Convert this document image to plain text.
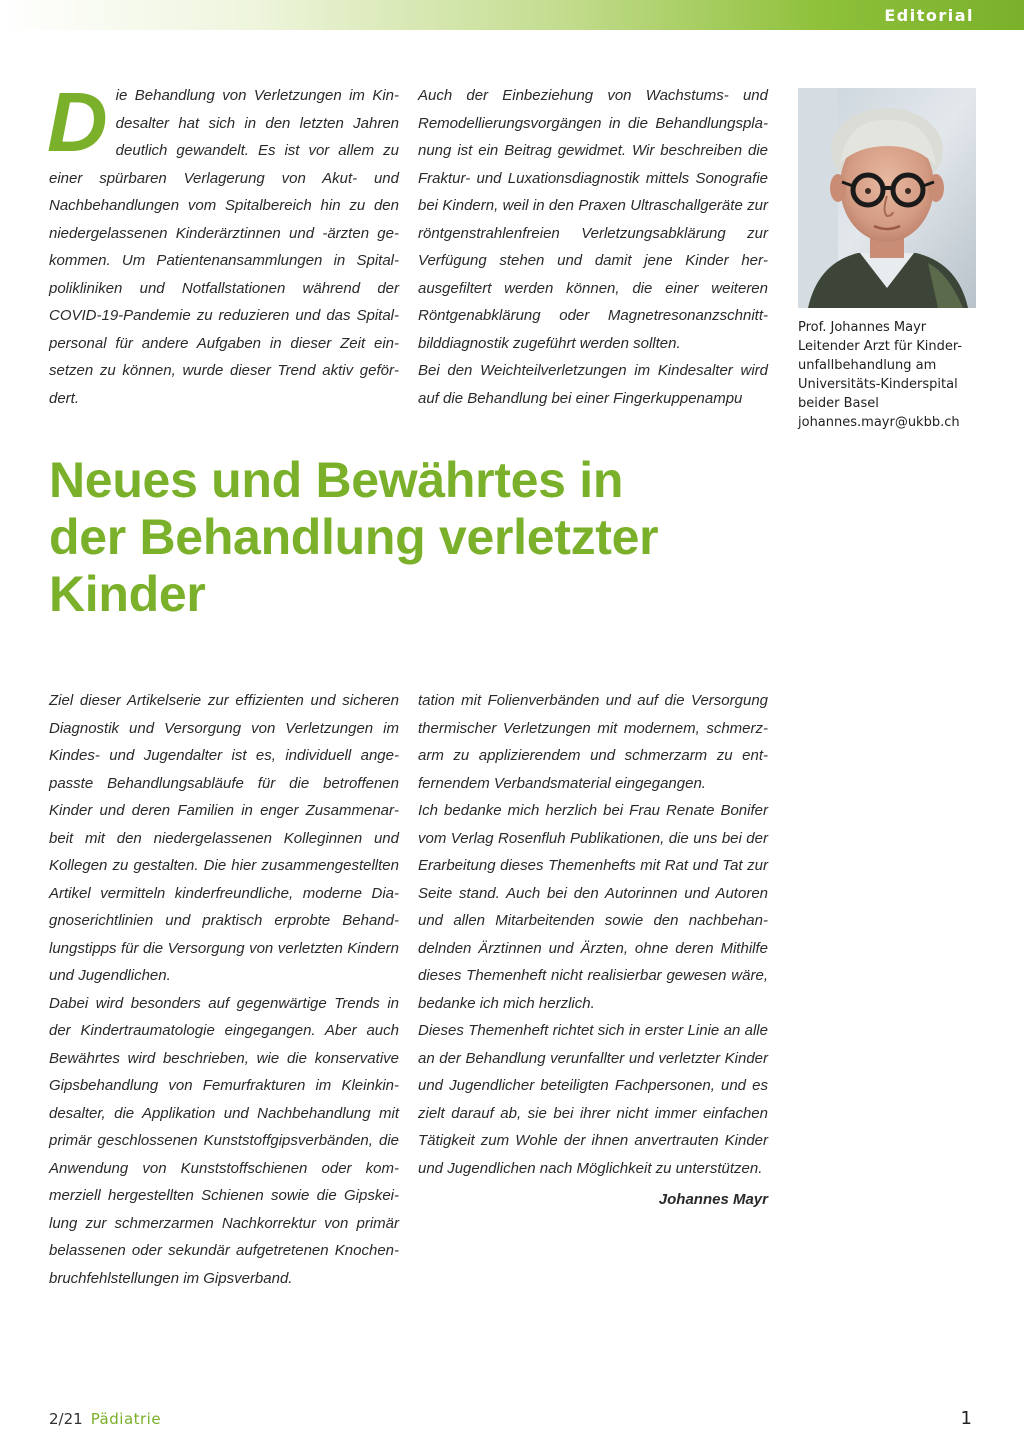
Editorial

Die Behandlung von Verletzungen im Kindesalter hat sich in den letzten Jahren deutlich gewandelt. Es ist vor allem zu einer spürbaren Verlagerung von Akut- und Nachbehandlungen vom Spitalbereich hin zu den niedergelassenen Kinderärztinnen und -ärzten gekommen. Um Patientenansammlungen in Spitalpolikliniken und Notfallstationen während der COVID-19-Pandemie zu reduzieren und das Spitalpersonal für andere Aufgaben in dieser Zeit einsetzen zu können, wurde dieser Trend aktiv gefördert.

Auch der Einbeziehung von Wachstums- und Remodellierungsvorgängen in die Behandlungsplanung ist ein Beitrag gewidmet. Wir beschreiben die Fraktur- und Luxationsdiagnostik mittels Sonografie bei Kindern, weil in den Praxen Ultraschallgeräte zur röntgenstrahlenfreien Verletzungsabklärung zur Verfügung stehen und damit jene Kinder herausgefiltert werden können, die einer weiteren Röntgenabklärung oder Magnetresonanzschnittbilddiagnostik zugeführt werden sollten.

Bei den Weichteilverletzungen im Kindesalter wird auf die Behandlung bei einer Fingerkuppenampu

Prof. Johannes Mayr
Leitender Arzt für Kinder-
unfallbehandlung am
Universitäts-Kinderspital
beider Basel
johannes.mayr@ukbb.ch
Neues und Bewährtes in
der Behandlung verletzter
Kinder

Ziel dieser Artikelserie zur effizienten und sicheren Diagnostik und Versorgung von Verletzungen im Kindes- und Jugendalter ist es, individuell angepasste Behandlungsabläufe für die betroffenen Kinder und deren Familien in enger Zusammenarbeit mit den niedergelassenen Kolleginnen und Kollegen zu gestalten. Die hier zusammengestellten Artikel vermitteln kinderfreundliche, moderne Diagnoserichtlinien und praktisch erprobte Behandlungstipps für die Versorgung von verletzten Kindern und Jugendlichen.

Dabei wird besonders auf gegenwärtige Trends in der Kindertraumatologie eingegangen. Aber auch Bewährtes wird beschrieben, wie die konservative Gipsbehandlung von Femurfrakturen im Kleinkindesalter, die Applikation und Nachbehandlung mit primär geschlossenen Kunststoffgipsverbänden, die Anwendung von Kunststoffschienen oder kommerziell hergestellten Schienen sowie die Gipskeilung zur schmerzarmen Nachkorrektur von primär belassenen oder sekundär aufgetretenen Knochenbruchfehlstellungen im Gipsverband.

tation mit Folienverbänden und auf die Versorgung thermischer Verletzungen mit modernem, schmerzarm zu applizierendem und schmerzarm zu entfernendem Verbandsmaterial eingegangen.

Ich bedanke mich herzlich bei Frau Renate Bonifer vom Verlag Rosenfluh Publikationen, die uns bei der Erarbeitung dieses Themenhefts mit Rat und Tat zur Seite stand. Auch bei den Autorinnen und Autoren und allen Mitarbeitenden sowie den nachbehandelnden Ärztinnen und Ärzten, ohne deren Mithilfe dieses Themenheft nicht realisierbar gewesen wäre, bedanke ich mich herzlich.

Dieses Themenheft richtet sich in erster Linie an alle an der Behandlung verunfallter und verletzter Kinder und Jugendlicher beteiligten Fachpersonen, und es zielt darauf ab, sie bei ihrer nicht immer einfachen Tätigkeit zum Wohle der ihnen anvertrauten Kinder und Jugendlichen nach Möglichkeit zu unterstützen.

Johannes Mayr

2/21 Pädiatrie	1
